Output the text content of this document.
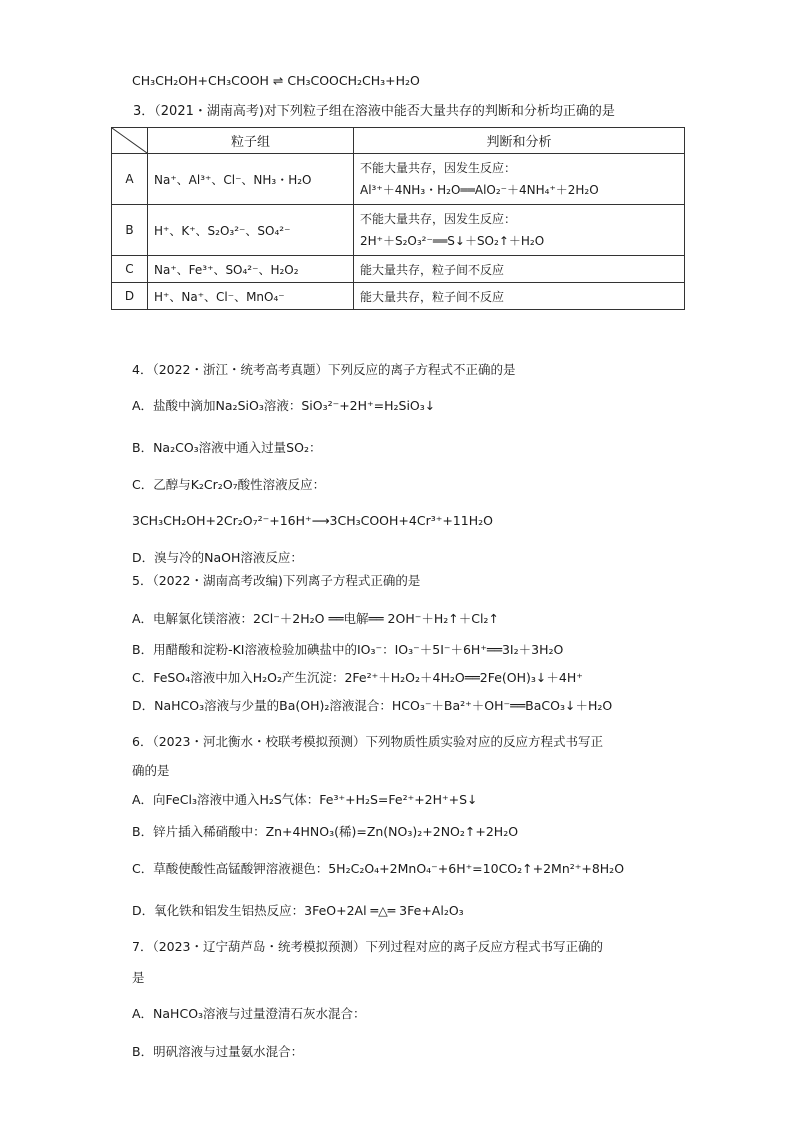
CH₃CH₂OH+CH₃COOH ⇌ CH₃COOCH₂CH₃+H₂O
3．（2021・湖南高考)对下列粒子组在溶液中能否大量共存的判断和分析均正确的是
	粒子组	判断和分析
A	Na⁺、Al³⁺、Cl⁻、NH₃・H₂O	不能大量共存，因发生反应：
Al³⁺＋4NH₃・H₂O══AlO₂⁻＋4NH₄⁺＋2H₂O

B	H⁺、K⁺、S₂O₃²⁻、SO₄²⁻	不能大量共存，因发生反应：
2H⁺＋S₂O₃²⁻══S↓＋SO₂↑＋H₂O

C	Na⁺、Fe³⁺、SO₄²⁻、H₂O₂	能大量共存，粒子间不反应
D	H⁺、Na⁺、Cl⁻、MnO₄⁻	能大量共存，粒子间不反应
4．（2022・浙江・统考高考真题）下列反应的离子方程式不正确的是
A．盐酸中滴加Na₂SiO₃溶液：SiO₃²⁻+2H⁺=H₂SiO₃↓
B．Na₂CO₃溶液中通入过量SO₂：
C．乙醇与K₂Cr₂O₇酸性溶液反应：
3CH₃CH₂OH+2Cr₂O₇²⁻+16H⁺⟶3CH₃COOH+4Cr³⁺+11H₂O
D．溴与冷的NaOH溶液反应：
5．（2022・湖南高考改编)下列离子方程式正确的是
A．电解氯化镁溶液：2Cl⁻＋2H₂O ══电解══ 2OH⁻＋H₂↑＋Cl₂↑
B．用醋酸和淀粉-KI溶液检验加碘盐中的IO₃⁻：IO₃⁻＋5I⁻＋6H⁺══3I₂＋3H₂O
C．FeSO₄溶液中加入H₂O₂产生沉淀：2Fe²⁺＋H₂O₂＋4H₂O══2Fe(OH)₃↓＋4H⁺
D．NaHCO₃溶液与少量的Ba(OH)₂溶液混合：HCO₃⁻＋Ba²⁺＋OH⁻══BaCO₃↓＋H₂O
6．（2023・河北衡水・校联考模拟预测）下列物质性质实验对应的反应方程式书写正
确的是
A．向FeCl₃溶液中通入H₂S气体：Fe³⁺+H₂S=Fe²⁺+2H⁺+S↓
B．锌片插入稀硝酸中：Zn+4HNO₃(稀)=Zn(NO₃)₂+2NO₂↑+2H₂O
C．草酸使酸性高锰酸钾溶液褪色：5H₂C₂O₄+2MnO₄⁻+6H⁺=10CO₂↑+2Mn²⁺+8H₂O
D．氧化铁和铝发生铝热反应：3FeO+2Al ═△═ 3Fe+Al₂O₃
7．（2023・辽宁葫芦岛・统考模拟预测）下列过程对应的离子反应方程式书写正确的
是
A．NaHCO₃溶液与过量澄清石灰水混合：
B．明矾溶液与过量氨水混合：
